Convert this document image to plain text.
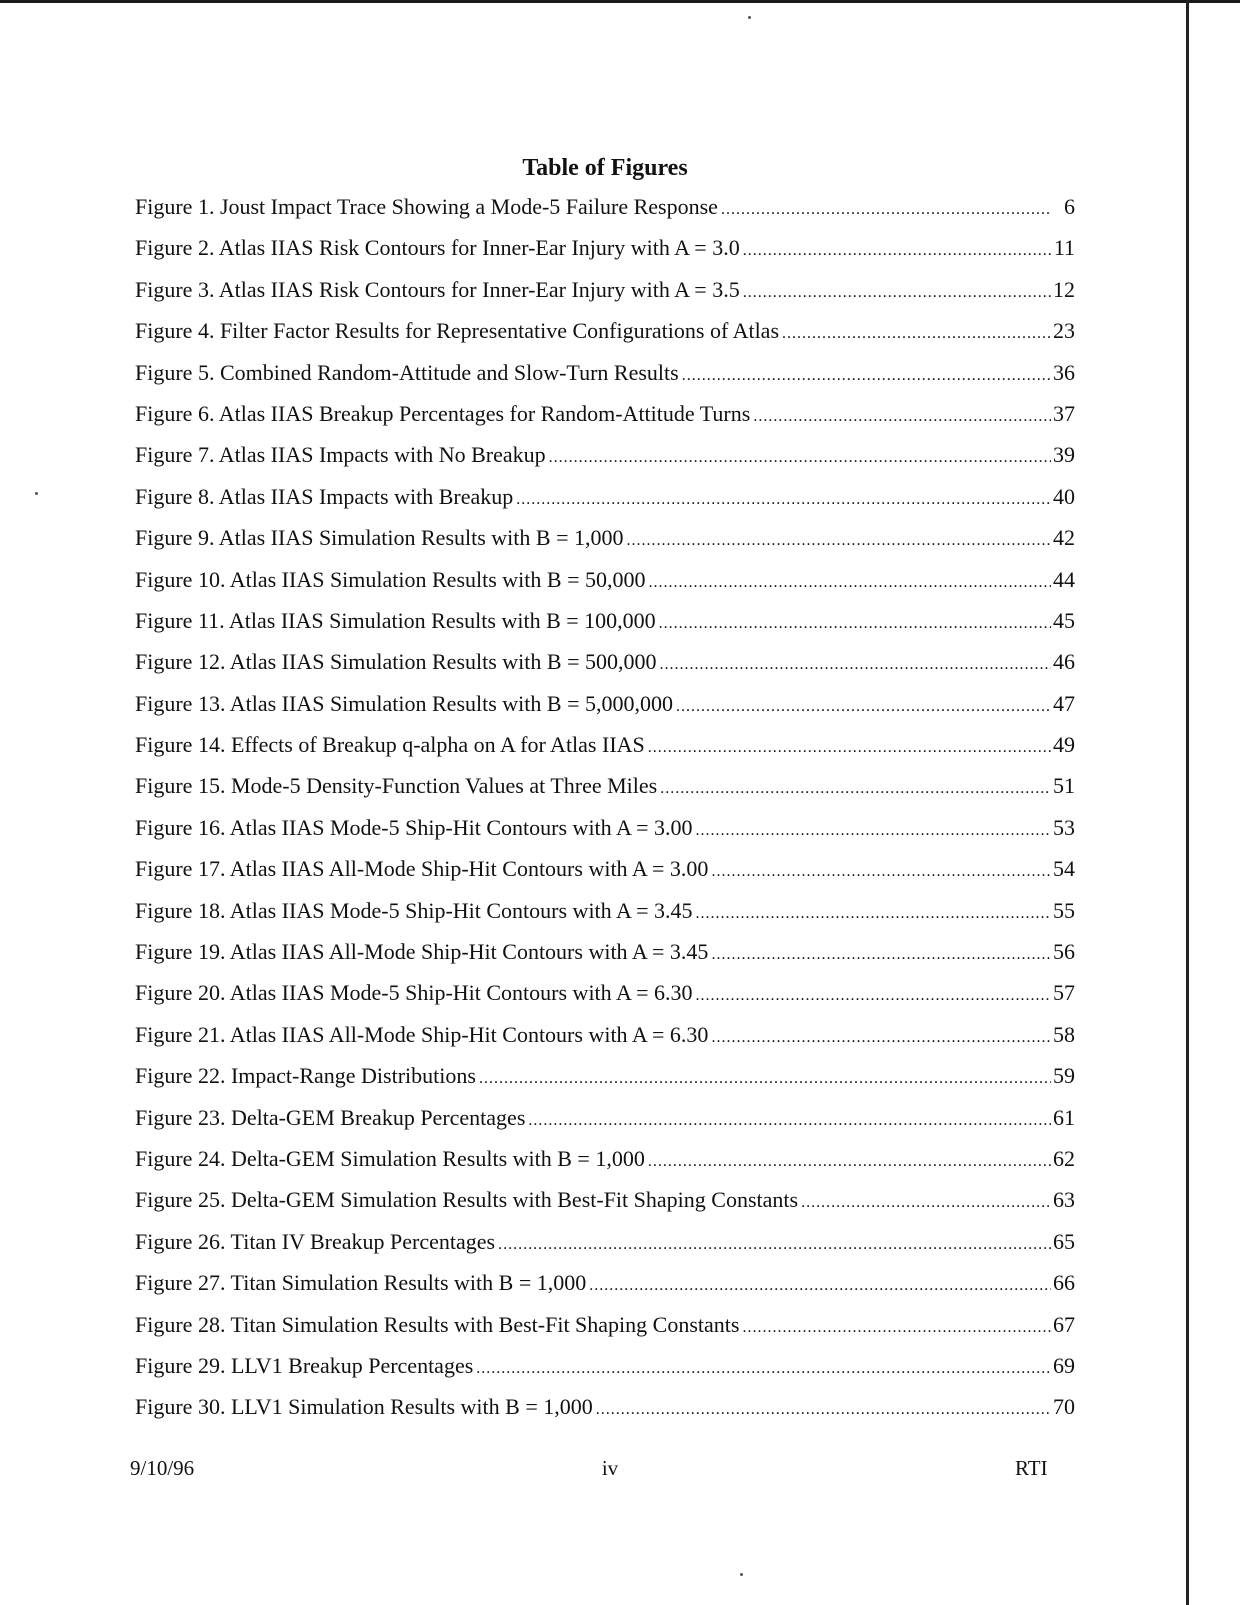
Table of Figures
Figure 1. Joust Impact Trace Showing a Mode-5 Failure Response .....	6
Figure 2. Atlas IIAS Risk Contours for Inner-Ear Injury with A = 3.0 .....	11
Figure 3. Atlas IIAS Risk Contours for Inner-Ear Injury with A = 3.5 .....	12
Figure 4. Filter Factor Results for Representative Configurations of Atlas .....	23
Figure 5. Combined Random-Attitude and Slow-Turn Results .....	36
Figure 6. Atlas IIAS Breakup Percentages for Random-Attitude Turns .....	37
Figure 7. Atlas IIAS Impacts with No Breakup .....	39
Figure 8. Atlas IIAS Impacts with Breakup .....	40
Figure 9. Atlas IIAS Simulation Results with B = 1,000 .....	42
Figure 10. Atlas IIAS Simulation Results with B = 50,000 .....	44
Figure 11. Atlas IIAS Simulation Results with B = 100,000 .....	45
Figure 12. Atlas IIAS Simulation Results with B = 500,000 .....	46
Figure 13. Atlas IIAS Simulation Results with B = 5,000,000 .....	47
Figure 14. Effects of Breakup q-alpha on A for Atlas IIAS .....	49
Figure 15. Mode-5 Density-Function Values at Three Miles .....	51
Figure 16. Atlas IIAS Mode-5 Ship-Hit Contours with A = 3.00 .....	53
Figure 17. Atlas IIAS All-Mode Ship-Hit Contours with A = 3.00 .....	54
Figure 18. Atlas IIAS Mode-5 Ship-Hit Contours with A = 3.45 .....	55
Figure 19. Atlas IIAS All-Mode Ship-Hit Contours with A = 3.45 .....	56
Figure 20. Atlas IIAS Mode-5 Ship-Hit Contours with A = 6.30 .....	57
Figure 21. Atlas IIAS All-Mode Ship-Hit Contours with A = 6.30 .....	58
Figure 22. Impact-Range Distributions .....	59
Figure 23. Delta-GEM Breakup Percentages .....	61
Figure 24. Delta-GEM Simulation Results with B = 1,000 .....	62
Figure 25. Delta-GEM Simulation Results with Best-Fit Shaping Constants .....	63
Figure 26. Titan IV Breakup Percentages .....	65
Figure 27. Titan Simulation Results with B = 1,000 .....	66
Figure 28. Titan Simulation Results with Best-Fit Shaping Constants .....	67
Figure 29. LLV1 Breakup Percentages .....	69
Figure 30. LLV1 Simulation Results with B = 1,000 .....	70
9/10/96	iv	RTI
